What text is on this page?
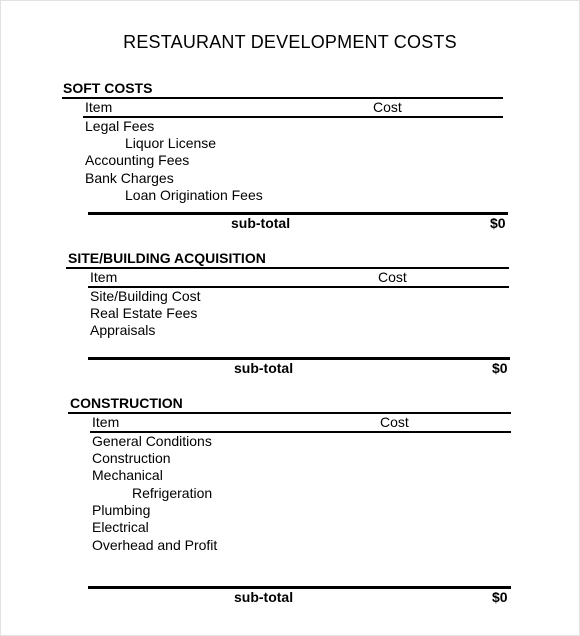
RESTAURANT DEVELOPMENT COSTS
SOFT COSTS
Item	Cost
Legal Fees
Liquor License
Accounting Fees
Bank Charges
Loan Origination Fees
sub-total	$0
SITE/BUILDING ACQUISITION
Item	Cost
Site/Building Cost
Real Estate Fees
Appraisals
sub-total	$0
CONSTRUCTION
Item	Cost
General Conditions
Construction
Mechanical
Refrigeration
Plumbing
Electrical
Overhead and Profit
sub-total	$0
